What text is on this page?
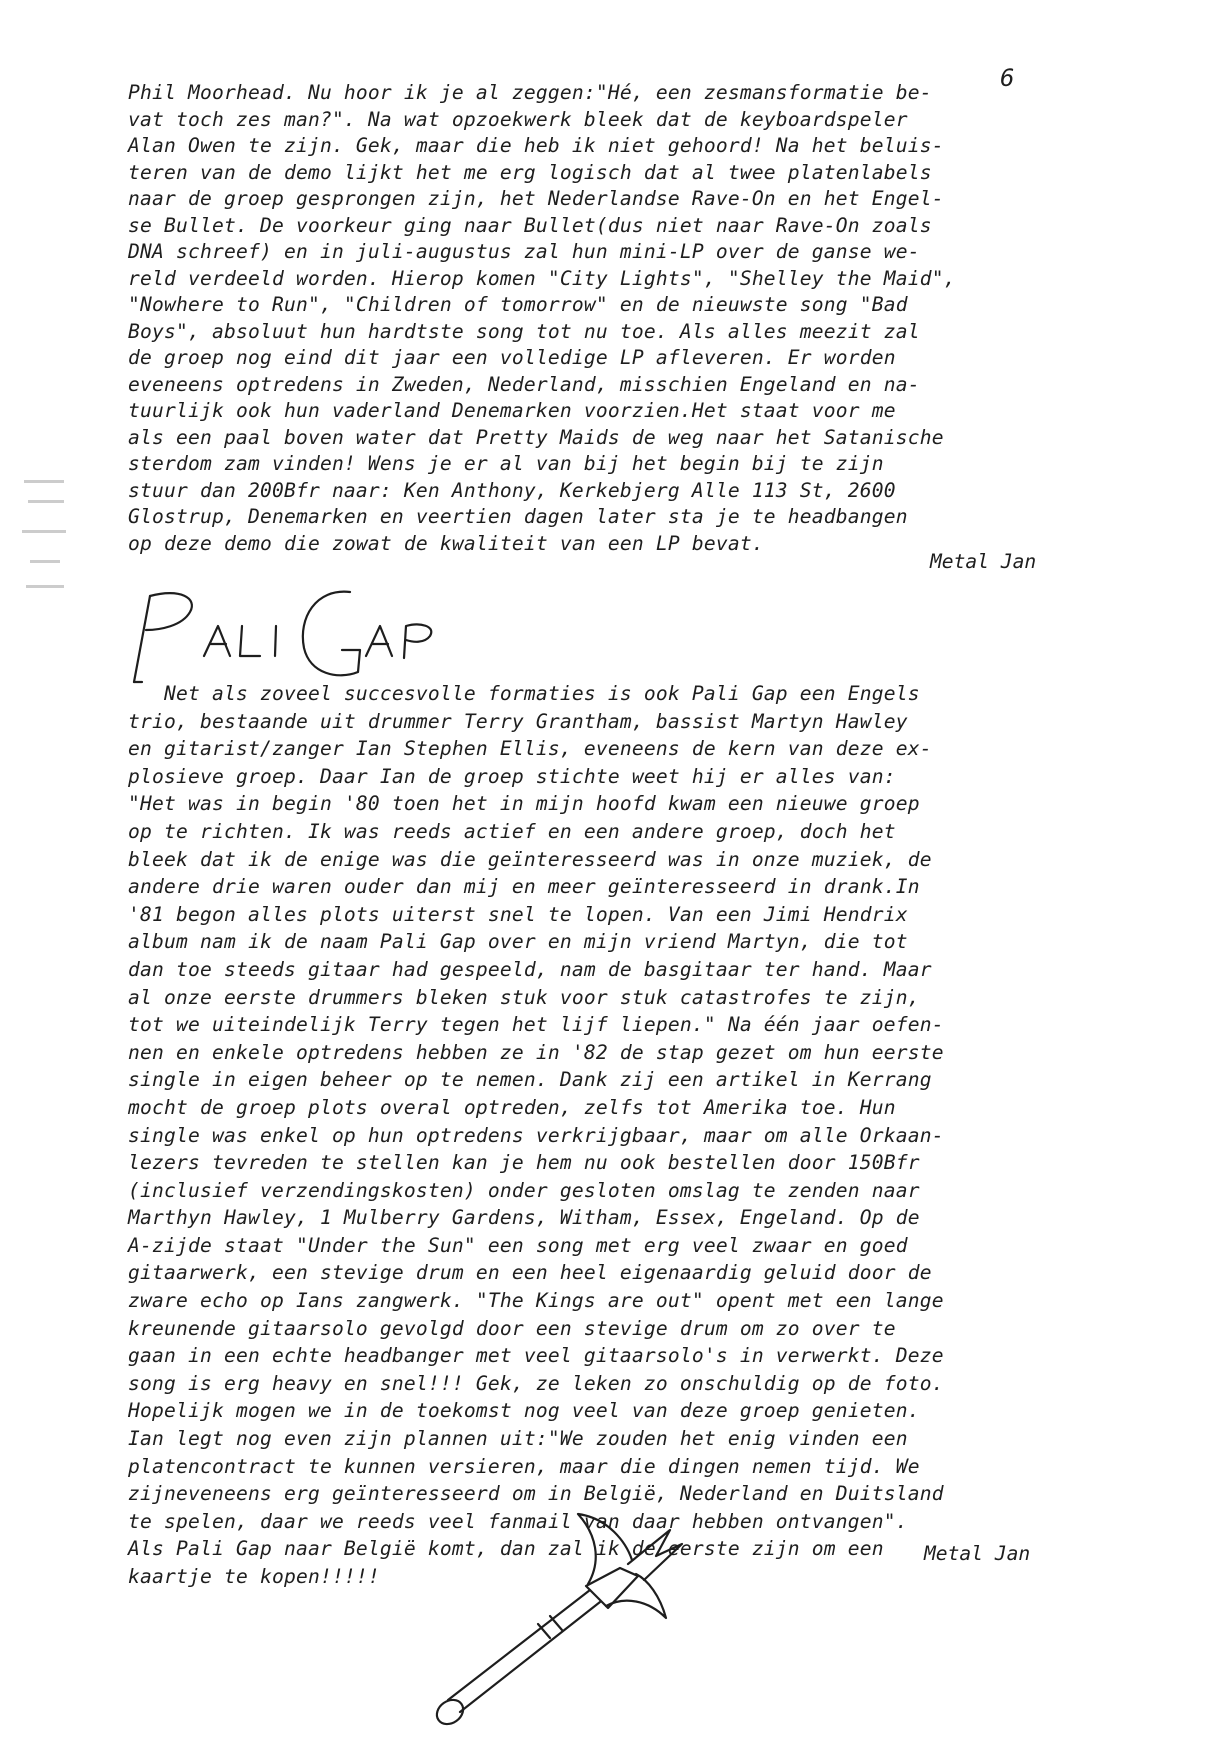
6
Phil Moorhead. Nu hoor ik je al zeggen:"Hé, een zesmansformatie be-
vat toch zes man?". Na wat opzoekwerk bleek dat de keyboardspeler
Alan Owen te zijn. Gek, maar die heb ik niet gehoord! Na het beluis-
teren van de demo lijkt het me erg logisch dat al twee platenlabels
naar de groep gesprongen zijn, het Nederlandse Rave-On en het Engel-
se Bullet. De voorkeur ging naar Bullet(dus niet naar Rave-On zoals
DNA schreef) en in juli-augustus zal hun mini-LP over de ganse we-
reld verdeeld worden. Hierop komen "City Lights", "Shelley the Maid",
"Nowhere to Run", "Children of tomorrow" en de nieuwste song "Bad
Boys", absoluut hun hardtste song tot nu toe. Als alles meezit zal
de groep nog eind dit jaar een volledige LP afleveren. Er worden
eveneens optredens in Zweden, Nederland, misschien Engeland en na-
tuurlijk ook hun vaderland Denemarken voorzien.Het staat voor me
als een paal boven water dat Pretty Maids de weg naar het Satanische
sterdom zam vinden! Wens je er al van bij het begin bij te zijn
stuur dan 200Bfr naar: Ken Anthony, Kerkebjerg Alle 113 St, 2600
Glostrup, Denemarken en veertien dagen later sta je te headbangen
op deze demo die zowat de kwaliteit van een LP bevat.
Metal Jan
Net als zoveel succesvolle formaties is ook Pali Gap een Engels
trio, bestaande uit drummer Terry Grantham, bassist Martyn Hawley
en gitarist/zanger Ian Stephen Ellis, eveneens de kern van deze ex-
plosieve groep. Daar Ian de groep stichte weet hij er alles van:
"Het was in begin '80 toen het in mijn hoofd kwam een nieuwe groep
op te richten. Ik was reeds actief en een andere groep, doch het
bleek dat ik de enige was die geïnteresseerd was in onze muziek, de
andere drie waren ouder dan mij en meer geïnteresseerd in drank.In
'81 begon alles plots uiterst snel te lopen. Van een Jimi Hendrix
album nam ik de naam Pali Gap over en mijn vriend Martyn, die tot
dan toe steeds gitaar had gespeeld, nam de basgitaar ter hand. Maar
al onze eerste drummers bleken stuk voor stuk catastrofes te zijn,
tot we uiteindelijk Terry tegen het lijf liepen." Na één jaar oefen-
nen en enkele optredens hebben ze in '82 de stap gezet om hun eerste
single in eigen beheer op te nemen. Dank zij een artikel in Kerrang
mocht de groep plots overal optreden, zelfs tot Amerika toe. Hun
single was enkel op hun optredens verkrijgbaar, maar om alle Orkaan-
lezers tevreden te stellen kan je hem nu ook bestellen door 150Bfr
(inclusief verzendingskosten) onder gesloten omslag te zenden naar
Marthyn Hawley, 1 Mulberry Gardens, Witham, Essex, Engeland. Op de
A-zijde staat "Under the Sun" een song met erg veel zwaar en goed
gitaarwerk, een stevige drum en een heel eigenaardig geluid door de
zware echo op Ians zangwerk. "The Kings are out" opent met een lange
kreunende gitaarsolo gevolgd door een stevige drum om zo over te
gaan in een echte headbanger met veel gitaarsolo's in verwerkt. Deze
song is erg heavy en snel!!! Gek, ze leken zo onschuldig op de foto.
Hopelijk mogen we in de toekomst nog veel van deze groep genieten.
Ian legt nog even zijn plannen uit:"We zouden het enig vinden een
platencontract te kunnen versieren, maar die dingen nemen tijd. We
zijneveneens erg geïnteresseerd om in België, Nederland en Duitsland
te spelen, daar we reeds veel fanmail van daar hebben ontvangen".
Als Pali Gap naar België komt, dan zal ik de eerste zijn om een
kaartje te kopen!!!!!
Metal Jan
